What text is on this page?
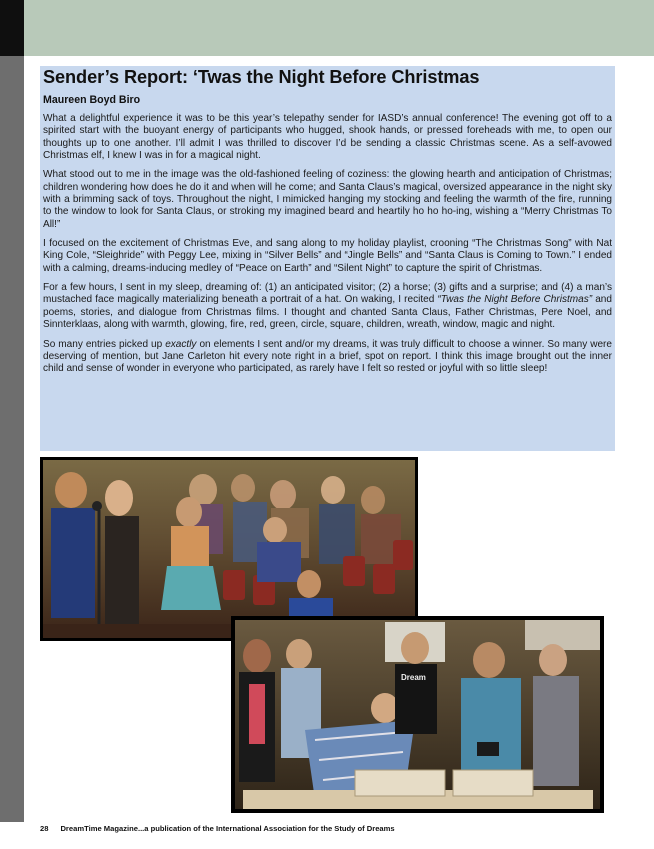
Sender’s Report: ‘Twas the Night Before Christmas
Maureen Boyd Biro

What a delightful experience it was to be this year’s telepathy sender for IASD’s annual conference! The evening got off to a spirited start with the buoyant energy of participants who hugged, shook hands, or pressed foreheads with me, to open our thoughts up to one another. I’ll admit I was thrilled to discover I’d be sending a classic Christmas scene. As a self-avowed Christmas elf, I knew I was in for a magical night.

What stood out to me in the image was the old-fashioned feeling of coziness: the glowing hearth and anticipation of Christmas; children wondering how does he do it and when will he come; and Santa Claus’s magical, oversized appearance in the night sky with a brimming sack of toys. Throughout the night, I mimicked hanging my stocking and feeling the warmth of the fire, running to the window to look for Santa Claus, or stroking my imagined beard and heartily ho ho ho-ing, wishing a “Merry Christmas To All!”

I focused on the excitement of Christmas Eve, and sang along to my holiday playlist, crooning “The Christmas Song” with Nat King Cole, “Sleighride” with Peggy Lee, mixing in “Silver Bells” and “Jingle Bells” and “Santa Claus is Coming to Town.” I ended with a calming, dreams-inducing medley of “Peace on Earth” and “Silent Night” to capture the spirit of Christmas.

For a few hours, I sent in my sleep, dreaming of: (1) an anticipated visitor; (2) a horse; (3) gifts and a surprise; and (4) a man’s mustached face magically materializing beneath a portrait of a hat. On waking, I recited “Twas the Night Before Christmas” and poems, stories, and dialogue from Christmas films. I thought and chanted Santa Claus, Father Christmas, Pere Noel, and Sinnterklaas, along with warmth, glowing, fire, red, green, circle, square, children, wreath, window, magic and night.

So many entries picked up exactly on elements I sent and/or my dreams, it was truly difficult to choose a winner. So many were deserving of mention, but Jane Carleton hit every note right in a brief, spot on report. I think this image brought out the inner child and sense of wonder in everyone who participated, as rarely have I felt so rested or joyful with so little sleep!

Dream
28 DreamTime Magazine...a publication of the International Association for the Study of Dreams
